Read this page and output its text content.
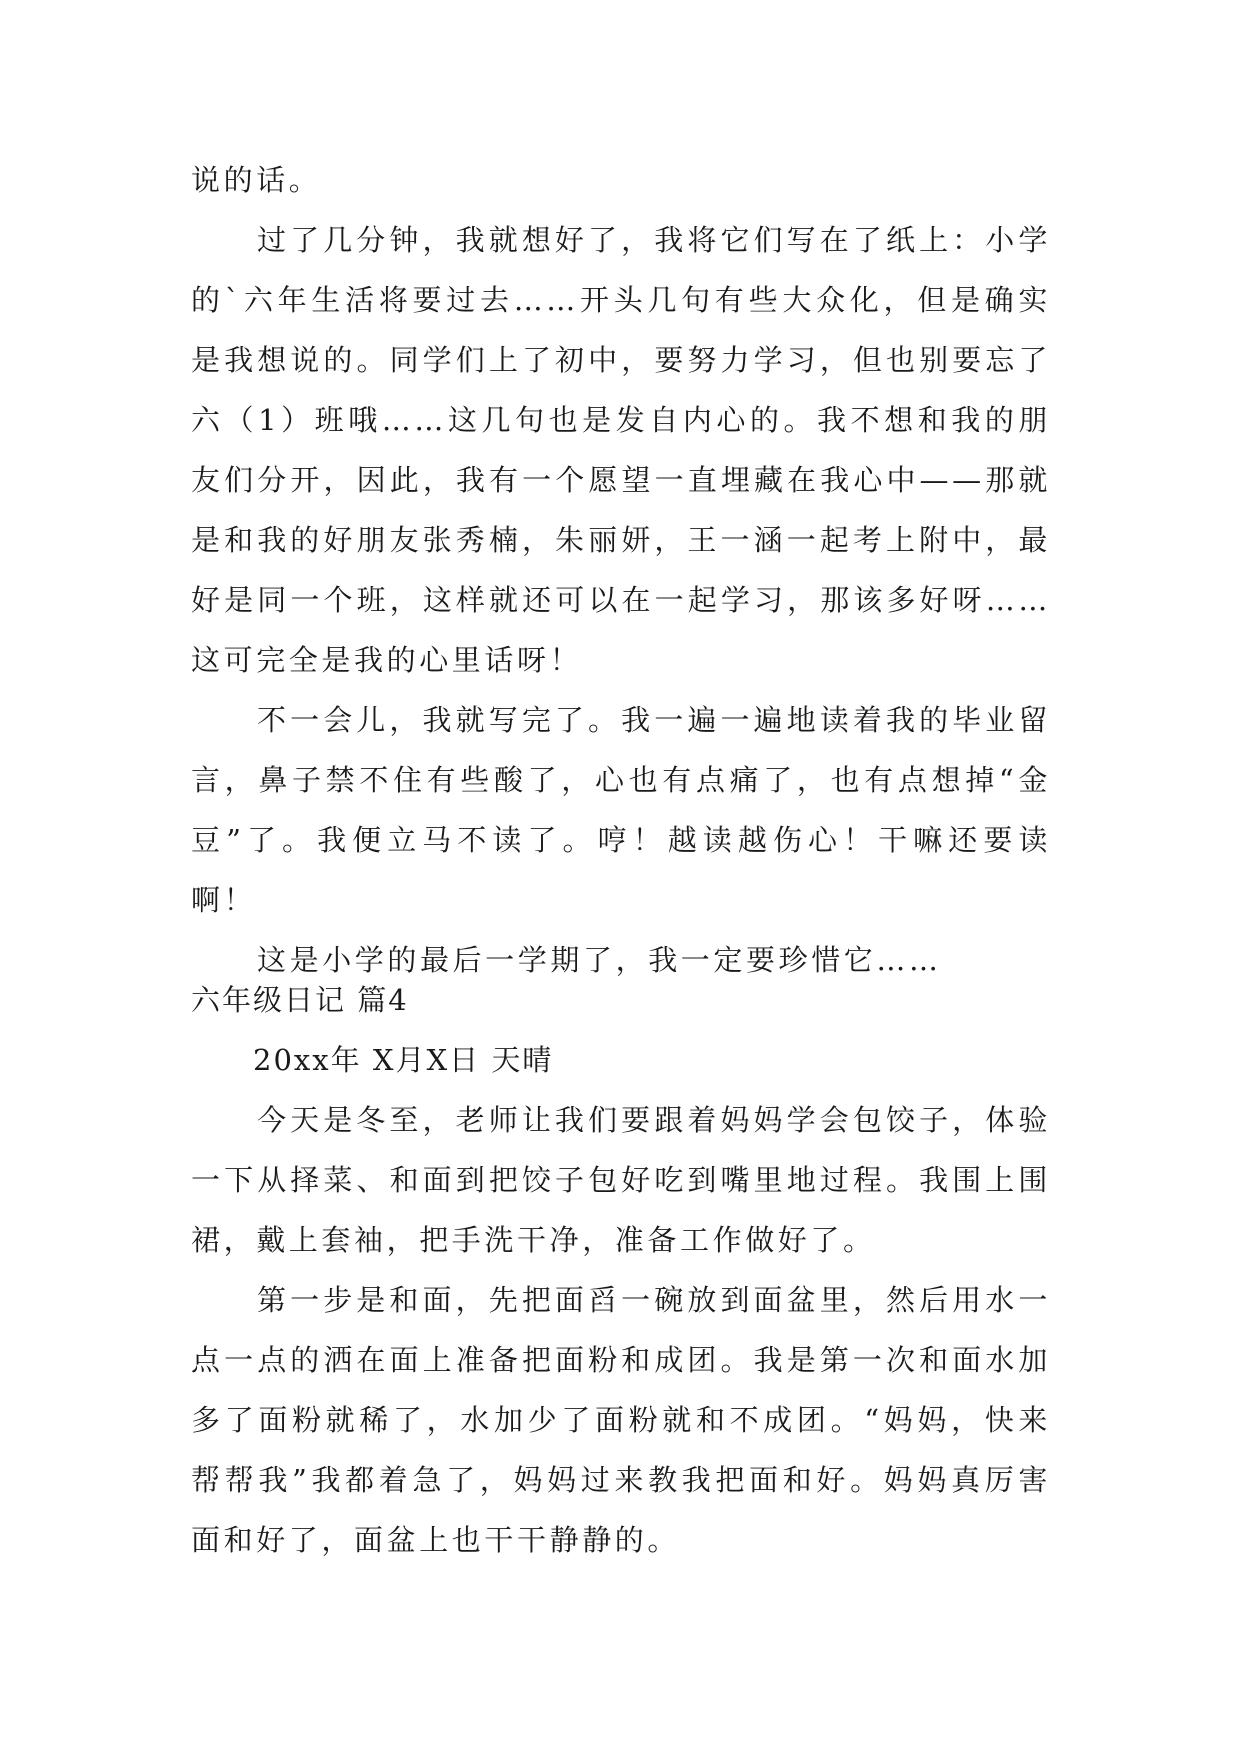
说的话。

过了几分钟，我就想好了，我将它们写在了纸上：小学的`六年生活将要过去……开头几句有些大众化，但是确实是我想说的。同学们上了初中，要努力学习，但也别要忘了六（1）班哦……这几句也是发自内心的。我不想和我的朋友们分开，因此，我有一个愿望一直埋藏在我心中——那就是和我的好朋友张秀楠，朱丽妍，王一涵一起考上附中，最好是同一个班，这样就还可以在一起学习，那该多好呀……这可完全是我的心里话呀！

不一会儿，我就写完了。我一遍一遍地读着我的毕业留言，鼻子禁不住有些酸了，心也有点痛了，也有点想掉“金豆”了。我便立马不读了。哼！越读越伤心！干嘛还要读啊！

这是小学的最后一学期了，我一定要珍惜它……

六年级日记 篇4

20xx年 X月X日 天晴

今天是冬至，老师让我们要跟着妈妈学会包饺子，体验一下从择菜、和面到把饺子包好吃到嘴里地过程。我围上围裙，戴上套袖，把手洗干净，准备工作做好了。

第一步是和面，先把面舀一碗放到面盆里，然后用水一点一点的洒在面上准备把面粉和成团。我是第一次和面水加多了面粉就稀了，水加少了面粉就和不成团。“妈妈，快来帮帮我”我都着急了，妈妈过来教我把面和好。妈妈真厉害面和好了，面盆上也干干静静的。
